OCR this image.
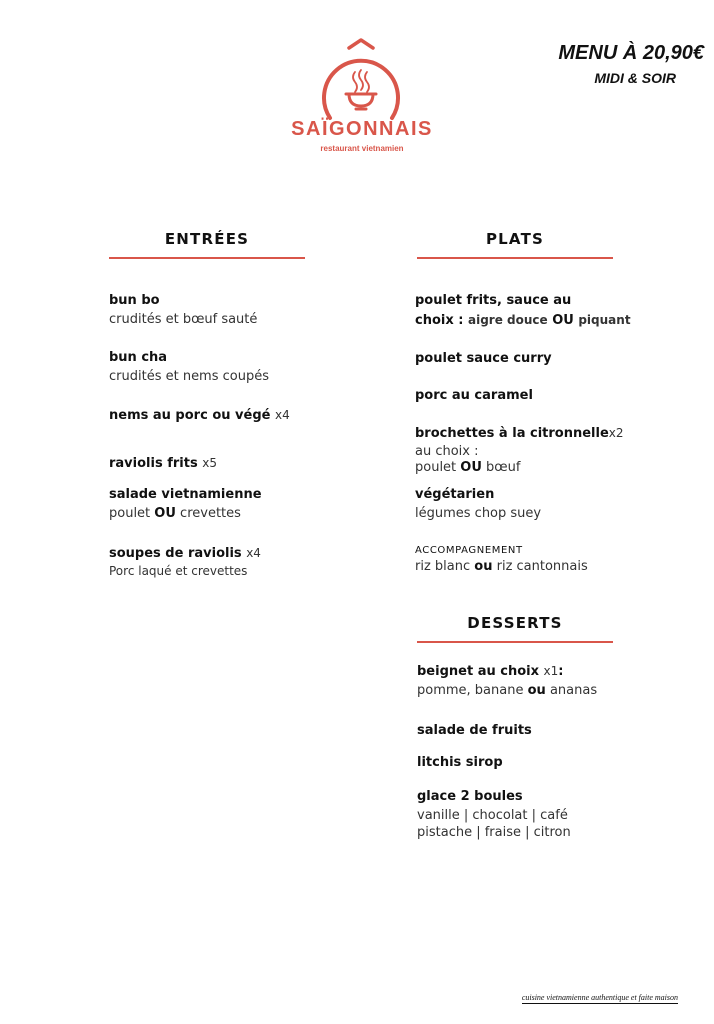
SAÏGONNAIS
restaurant vietnamien
MENU À 20,90€
MIDI & SOIR
ENTRÉES
bun bo
crudités et bœuf sauté
bun cha
crudités et nems coupés
nems au porc ou végé x4
raviolis frits x5
salade vietnamienne
poulet OU crevettes
soupes de raviolis x4
Porc laqué et crevettes
PLATS
poulet frits, sauce au
choix : aigre douce OU piquant
poulet sauce curry
porc au caramel
brochettes à la citronnellex2
au choix :
poulet OU bœuf
végétarien
légumes chop suey
ACCOMPAGNEMENT
riz blanc ou riz cantonnais
DESSERTS
beignet au choix x1:
pomme, banane ou ananas
salade de fruits
litchis sirop
glace 2 boules
vanille | chocolat | café
pistache | fraise | citron
cuisine vietnamienne authentique et faite maison
